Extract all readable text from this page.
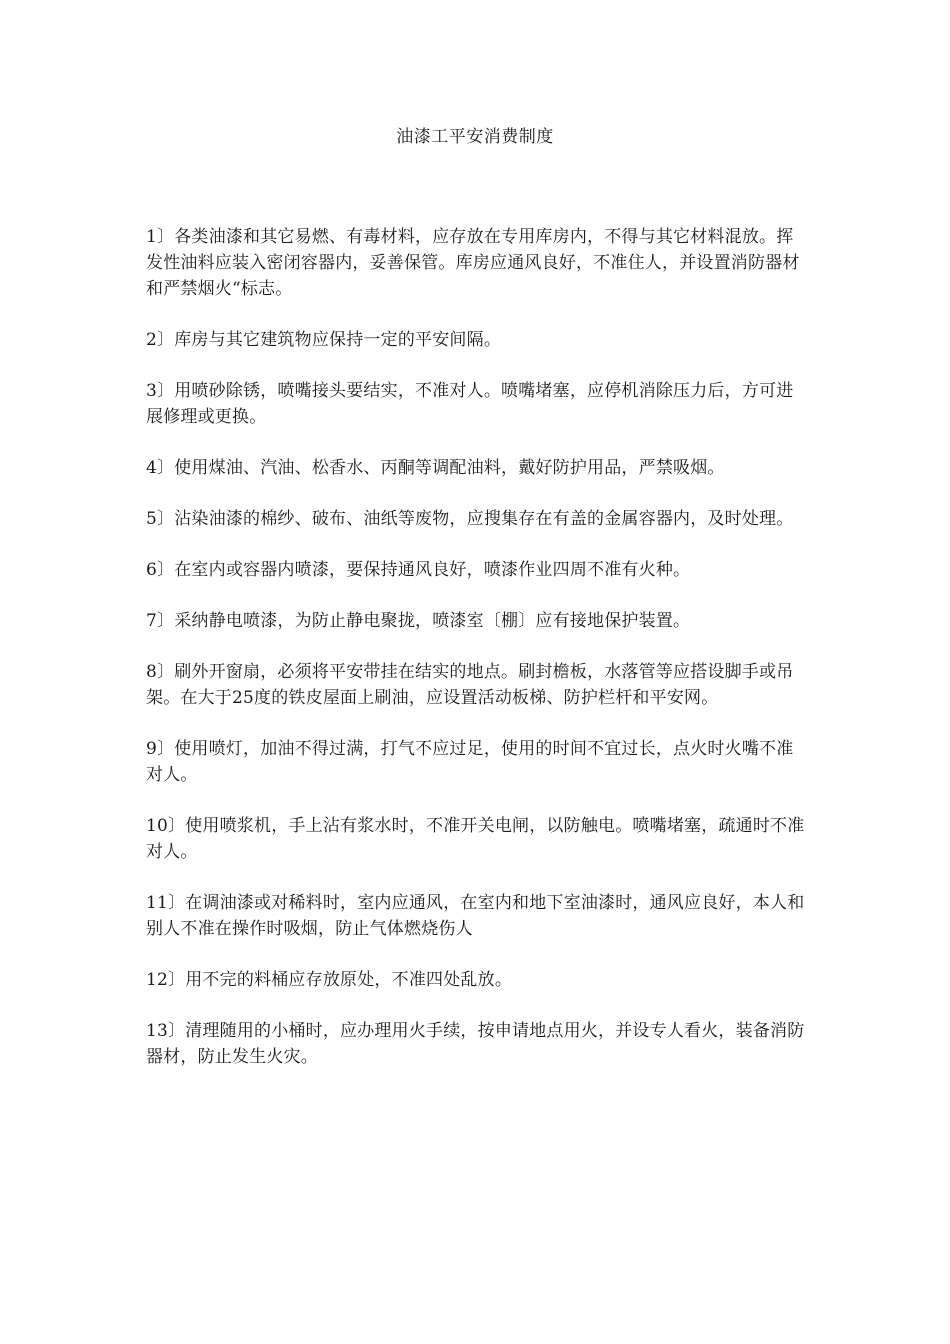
油漆工平安消费制度

1〕各类油漆和其它易燃、有毒材料，应存放在专用库房内，不得与其它材料混放。挥发性油料应装入密闭容器内，妥善保管。库房应通风良好，不准住人，并设置消防器材和严禁烟火“标志。

2〕库房与其它建筑物应保持一定的平安间隔。

3〕用喷砂除锈，喷嘴接头要结实，不准对人。喷嘴堵塞，应停机消除压力后，方可进展修理或更换。

4〕使用煤油、汽油、松香水、丙酮等调配油料，戴好防护用品，严禁吸烟。

5〕沾染油漆的棉纱、破布、油纸等废物，应搜集存在有盖的金属容器内，及时处理。

6〕在室内或容器内喷漆，要保持通风良好，喷漆作业四周不准有火种。

7〕采纳静电喷漆，为防止静电聚拢，喷漆室〔棚〕应有接地保护装置。

8〕刷外开窗扇，必须将平安带挂在结实的地点。刷封檐板，水落管等应搭设脚手或吊架。在大于25度的铁皮屋面上刷油，应设置活动板梯、防护栏杆和平安网。

9〕使用喷灯，加油不得过满，打气不应过足，使用的时间不宜过长，点火时火嘴不准对人。

10〕使用喷浆机，手上沾有浆水时，不准开关电闸，以防触电。喷嘴堵塞，疏通时不准对人。

11〕在调油漆或对稀料时，室内应通风，在室内和地下室油漆时，通风应良好，本人和别人不准在操作时吸烟，防止气体燃烧伤人

12〕用不完的料桶应存放原处，不准四处乱放。

13〕清理随用的小桶时，应办理用火手续，按申请地点用火，并设专人看火，装备消防器材，防止发生火灾。
